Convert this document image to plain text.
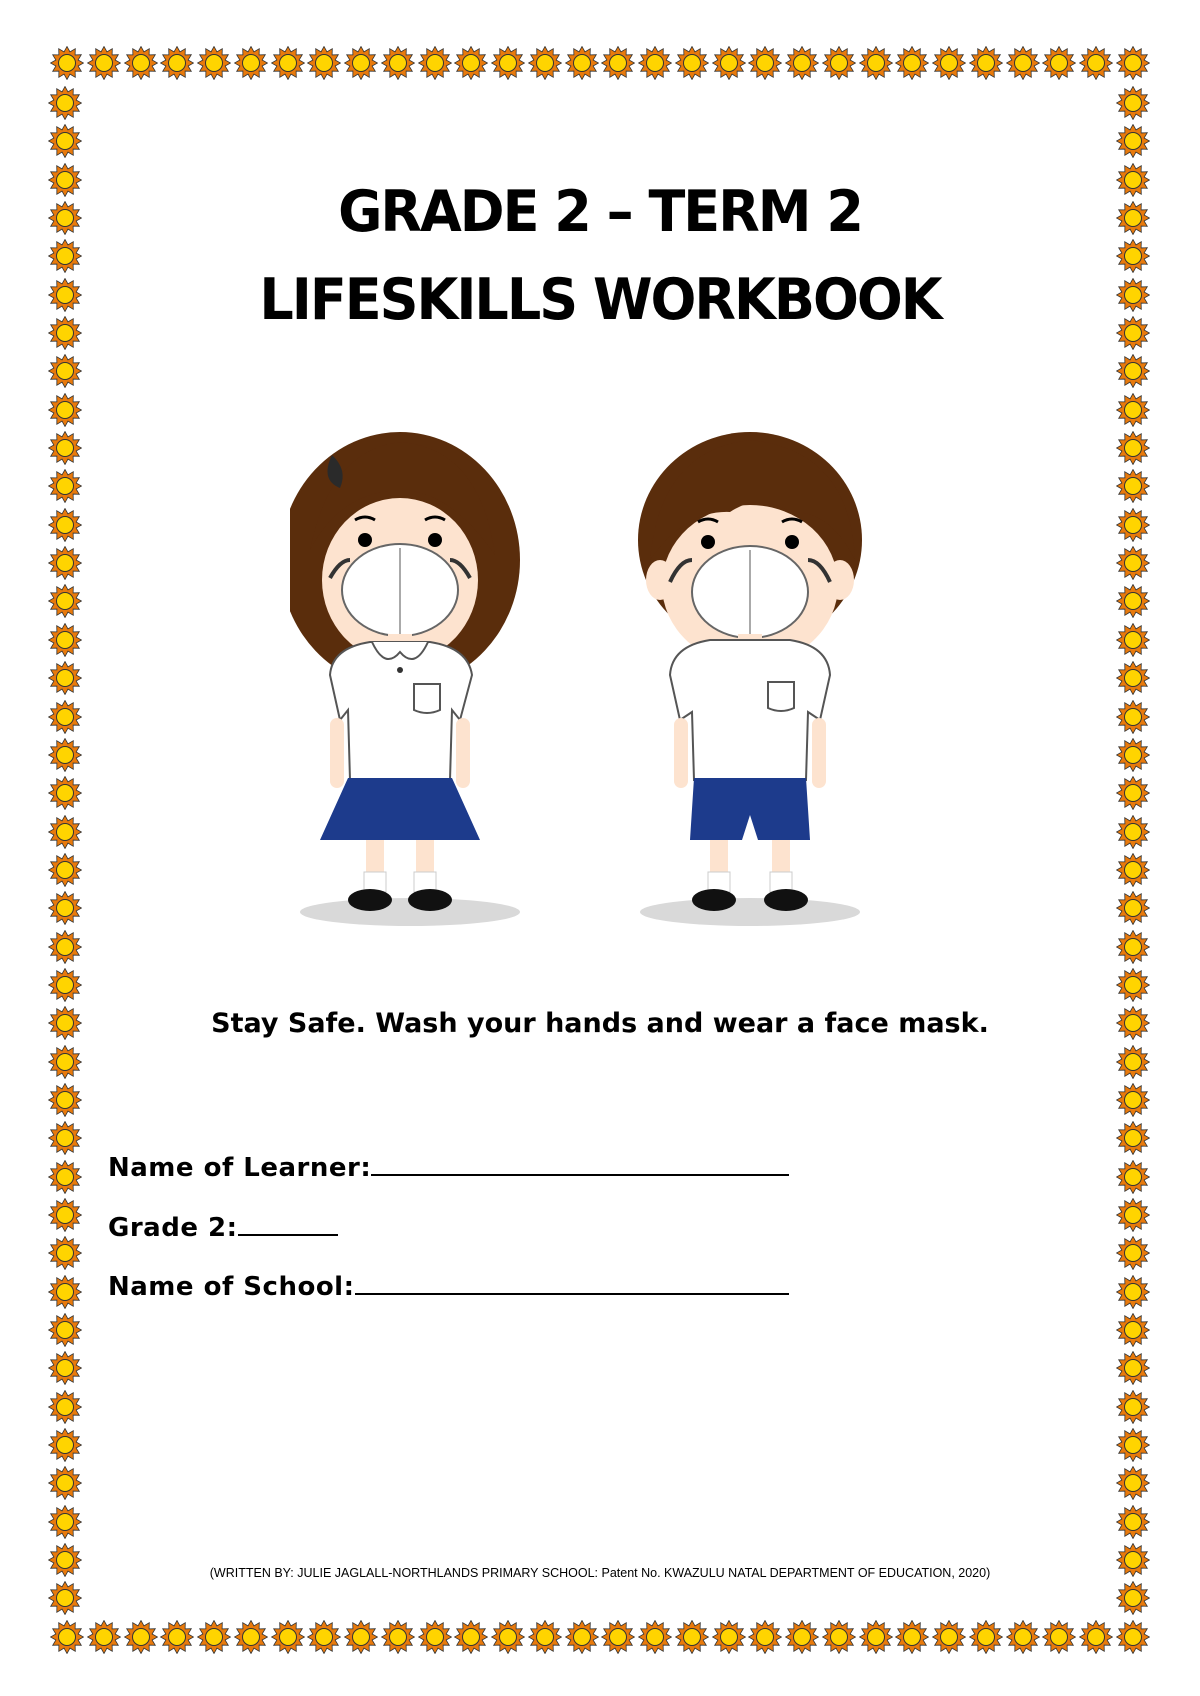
GRADE 2 – TERM 2
LIFESKILLS WORKBOOK
Stay Safe. Wash your hands and wear a face mask.
Name of Learner:
Grade 2:
Name of School:
(WRITTEN BY: JULIE JAGLALL-NORTHLANDS PRIMARY SCHOOL: Patent No. KWAZULU NATAL DEPARTMENT OF EDUCATION, 2020)
